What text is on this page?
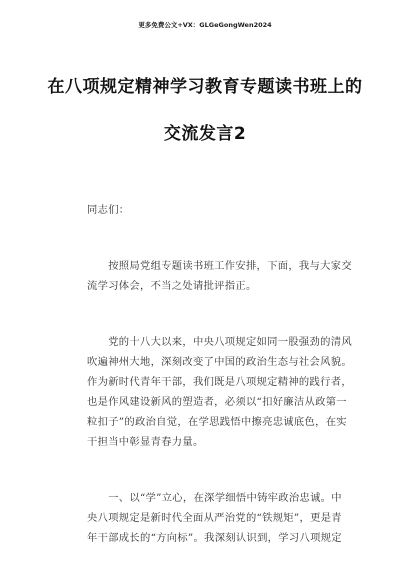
更多免费公文+VX：GLGeGongWen2024
在八项规定精神学习教育专题读书班上的
交流发言2
同志们：
　　按照局党组专题读书班工作安排，下面，我与大家交
流学习体会，不当之处请批评指正。
　　党的十八大以来，中央八项规定如同一股强劲的清风
吹遍神州大地，深刻改变了中国的政治生态与社会风貌。
作为新时代青年干部，我们既是八项规定精神的践行者，
也是作风建设新风的塑造者，必须以“扣好廉洁从政第一
粒扣子”的政治自觉，在学思践悟中擦亮忠诚底色，在实
干担当中彰显青春力量。
　　一、以“学”立心，在深学细悟中铸牢政治忠诚。中
央八项规定是新时代全面从严治党的“铁规矩”，更是青
年干部成长的“方向标”。我深刻认识到，学习八项规定
